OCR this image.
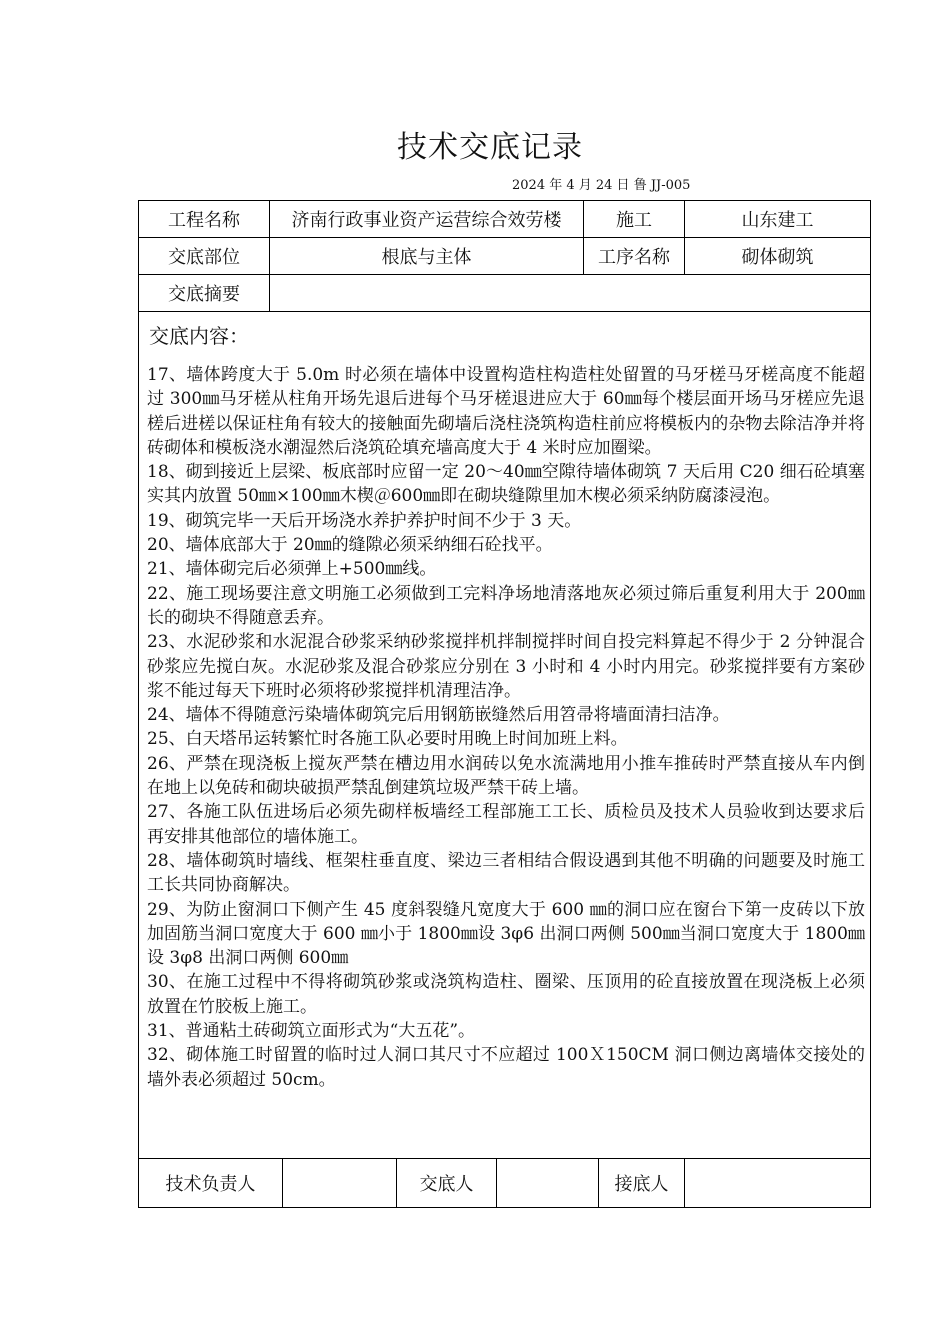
技术交底记录
2024 年 4 月 24 日 鲁 JJ-005
工程名称	济南行政事业资产运营综合效劳楼	施工	山东建工
交底部位	根底与主体	工序名称	砌体砌筑
交底摘要
交底内容：

17、墙体跨度大于 5.0m 时必须在墙体中设置构造柱构造柱处留置的马牙槎马牙槎高度不能超过 300㎜马牙槎从柱角开场先退后进每个马牙槎退进应大于 60㎜每个楼层面开场马牙槎应先退槎后进槎以保证柱角有较大的接触面先砌墙后浇柱浇筑构造柱前应将模板内的杂物去除洁净并将砖砌体和模板浇水潮湿然后浇筑砼填充墙高度大于 4 米时应加圈梁。

18、砌到接近上层梁、板底部时应留一定 20～40㎜空隙待墙体砌筑 7 天后用 C20 细石砼填塞实其内放置 50㎜×100㎜木楔＠600㎜即在砌块缝隙里加木楔必须采纳防腐漆浸泡。

19、砌筑完毕一天后开场浇水养护养护时间不少于 3 天。

20、墙体底部大于 20㎜的缝隙必须采纳细石砼找平。

21、墙体砌完后必须弹上+500㎜线。

22、施工现场要注意文明施工必须做到工完料净场地清落地灰必须过筛后重复利用大于 200㎜长的砌块不得随意丢弃。

23、水泥砂浆和水泥混合砂浆采纳砂浆搅拌机拌制搅拌时间自投完料算起不得少于 2 分钟混合砂浆应先搅白灰。水泥砂浆及混合砂浆应分别在 3 小时和 4 小时内用完。砂浆搅拌要有方案砂浆不能过每天下班时必须将砂浆搅拌机清理洁净。

24、墙体不得随意污染墙体砌筑完后用钢筋嵌缝然后用笤帚将墙面清扫洁净。

25、白天塔吊运转繁忙时各施工队必要时用晚上时间加班上料。

26、严禁在现浇板上搅灰严禁在槽边用水润砖以免水流满地用小推车推砖时严禁直接从车内倒在地上以免砖和砌块破损严禁乱倒建筑垃圾严禁干砖上墙。

27、各施工队伍进场后必须先砌样板墙经工程部施工工长、质检员及技术人员验收到达要求后再安排其他部位的墙体施工。

28、墙体砌筑时墙线、框架柱垂直度、梁边三者相结合假设遇到其他不明确的问题要及时施工工长共同协商解决。

29、为防止窗洞口下侧产生 45 度斜裂缝凡宽度大于 600 ㎜的洞口应在窗台下第一皮砖以下放加固筋当洞口宽度大于 600 ㎜小于 1800㎜设 3φ6 出洞口两侧 500㎜当洞口宽度大于 1800㎜设 3φ8 出洞口两侧 600㎜

30、在施工过程中不得将砌筑砂浆或浇筑构造柱、圈梁、压顶用的砼直接放置在现浇板上必须放置在竹胶板上施工。

31、普通粘土砖砌筑立面形式为“大五花”。

32、砌体施工时留置的临时过人洞口其尺寸不应超过 100Ｘ150CM 洞口侧边离墙体交接处的墙外表必须超过 50cm。

技术负责人	交底人	接底人
